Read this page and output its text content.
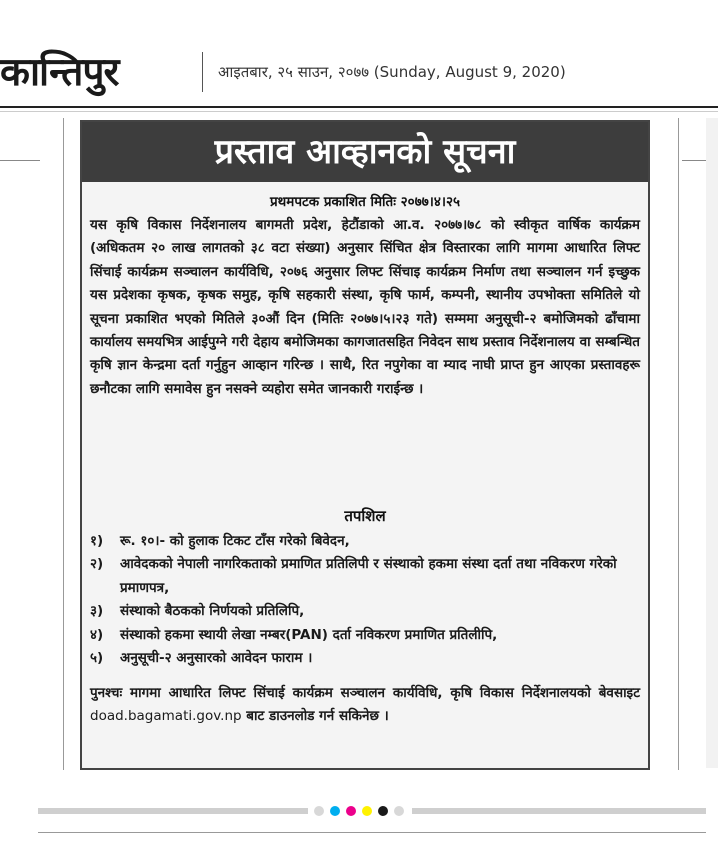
कान्तिपुर	आइतबार, २५ साउन, २०७७ (Sunday, August 9, 2020)
प्रस्ताव आव्हानको सूचना
प्रथमपटक प्रकाशित मितिः २०७७।४।२५
यस कृषि विकास निर्देशनालय बागमती प्रदेश, हेटौंडाको आ.व. २०७७।७८ को स्वीकृत वार्षिक कार्यक्रम (अधिकतम २० लाख लागतको ३८ वटा संख्या) अनुसार सिंचित क्षेत्र विस्तारका लागि मागमा आधारित लिफ्ट सिंचाई कार्यक्रम सञ्चालन कार्यविधि, २०७६ अनुसार लिफ्ट सिंचाइ कार्यक्रम निर्माण तथा सञ्चालन गर्न इच्छुक यस प्रदेशका कृषक, कृषक समुह, कृषि सहकारी संस्था, कृषि फार्म, कम्पनी, स्थानीय उपभोक्ता समितिले यो सूचना प्रकाशित भएको मितिले ३०औं दिन (मितिः २०७७।५।२३ गते) सम्ममा अनुसूची-२ बमोजिमको ढाँचामा कार्यालय समयभित्र आईपुग्ने गरी देहाय बमोजिमका कागजातसहित निवेदन साथ प्रस्ताव निर्देशनालय वा सम्बन्धित कृषि ज्ञान केन्द्रमा दर्ता गर्नुहुन आव्हान गरिन्छ । साथै, रित नपुगेका वा म्याद नाघी प्राप्त हुन आएका प्रस्तावहरू छनौटका लागि समावेस हुन नसक्ने व्यहोरा समेत जानकारी गराईन्छ ।
तपशिल
१)	रू. १०।- को हुलाक टिकट टाँस गरेको बिवेदन,
२)	आवेदकको नेपाली नागरिकताको प्रमाणित प्रतिलिपी र संस्थाको हकमा संस्था दर्ता तथा नविकरण गरेको प्रमाणपत्र,
३)	संस्थाको बैठकको निर्णयको प्रतिलिपि,
४)	संस्थाको हकमा स्थायी लेखा नम्बर(PAN) दर्ता नविकरण प्रमाणित प्रतिलीपि,
५)	अनुसूची-२ अनुसारको आवेदन फाराम ।
पुनश्चः मागमा आधारित लिफ्ट सिंचाई कार्यक्रम सञ्चालन कार्यविधि, कृषि विकास निर्देशनालयको बेवसाइट doad.bagamati.gov.np बाट डाउनलोड गर्न सकिनेछ ।
